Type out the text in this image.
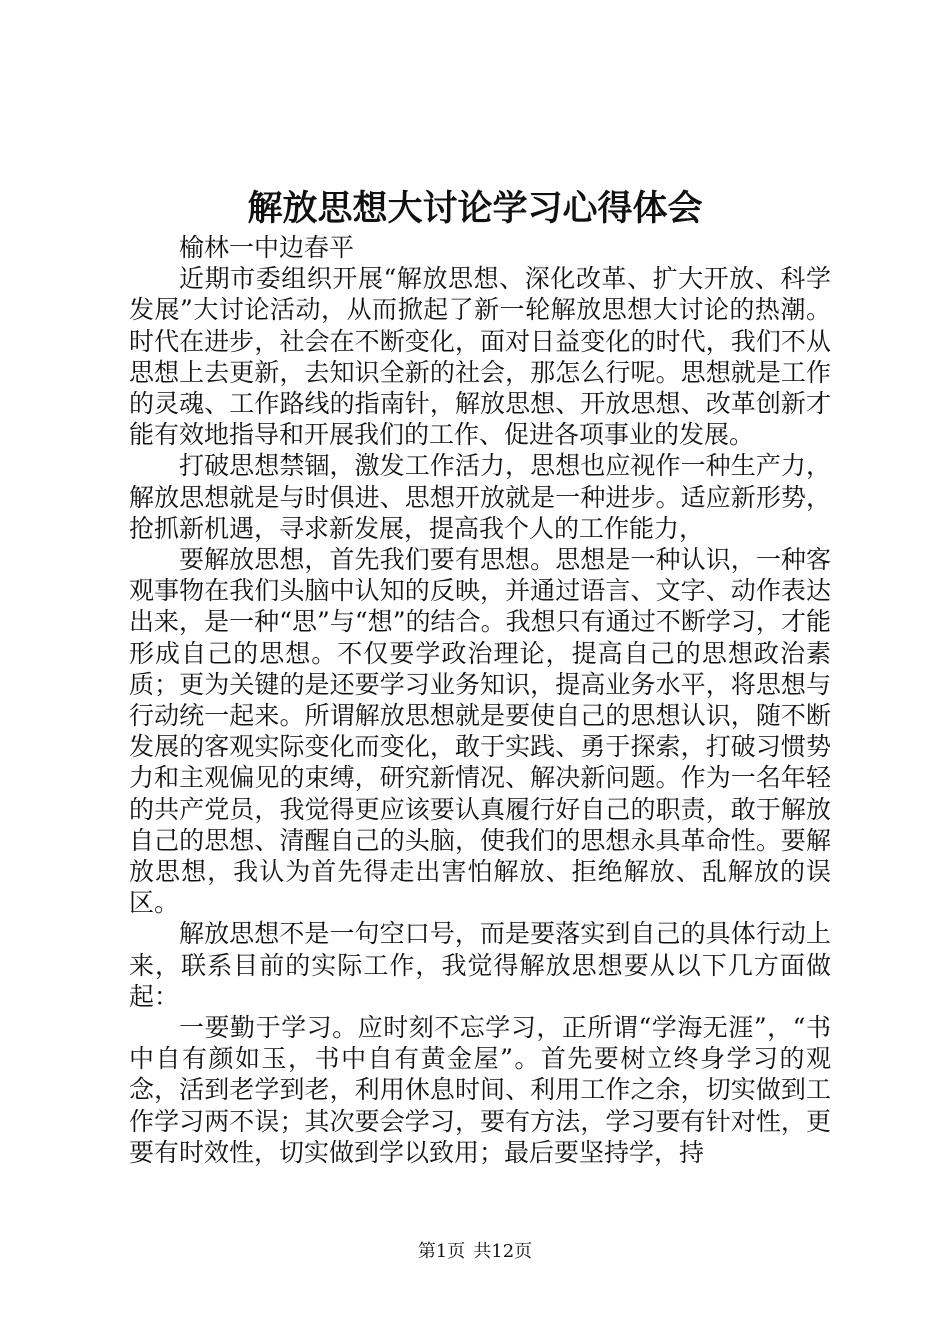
解放思想大讨论学习心得体会

榆林一中边春平

近期市委组织开展“解放思想、深化改革、扩大开放、科学发展”大讨论活动，从而掀起了新一轮解放思想大讨论的热潮。时代在进步，社会在不断变化，面对日益变化的时代，我们不从思想上去更新，去知识全新的社会，那怎么行呢。思想就是工作的灵魂、工作路线的指南针，解放思想、开放思想、改革创新才能有效地指导和开展我们的工作、促进各项事业的发展。

打破思想禁锢，激发工作活力，思想也应视作一种生产力，解放思想就是与时俱进、思想开放就是一种进步。适应新形势，抢抓新机遇，寻求新发展，提高我个人的工作能力，

要解放思想，首先我们要有思想。思想是一种认识，一种客观事物在我们头脑中认知的反映，并通过语言、文字、动作表达出来，是一种“思”与“想”的结合。我想只有通过不断学习，才能形成自己的思想。不仅要学政治理论，提高自己的思想政治素质；更为关键的是还要学习业务知识，提高业务水平，将思想与行动统一起来。所谓解放思想就是要使自己的思想认识，随不断发展的客观实际变化而变化，敢于实践、勇于探索，打破习惯势力和主观偏见的束缚，研究新情况、解决新问题。作为一名年轻的共产党员，我觉得更应该要认真履行好自己的职责，敢于解放自己的思想、清醒自己的头脑，使我们的思想永具革命性。要解放思想，我认为首先得走出害怕解放、拒绝解放、乱解放的误区。

解放思想不是一句空口号，而是要落实到自己的具体行动上来，联系目前的实际工作，我觉得解放思想要从以下几方面做起：

一要勤于学习。应时刻不忘学习，正所谓“学海无涯”，“书中自有颜如玉，书中自有黄金屋”。首先要树立终身学习的观念，活到老学到老，利用休息时间、利用工作之余，切实做到工作学习两不误；其次要会学习，要有方法，学习要有针对性，更要有时效性，切实做到学以致用；最后要坚持学，持

第1页 共12页
